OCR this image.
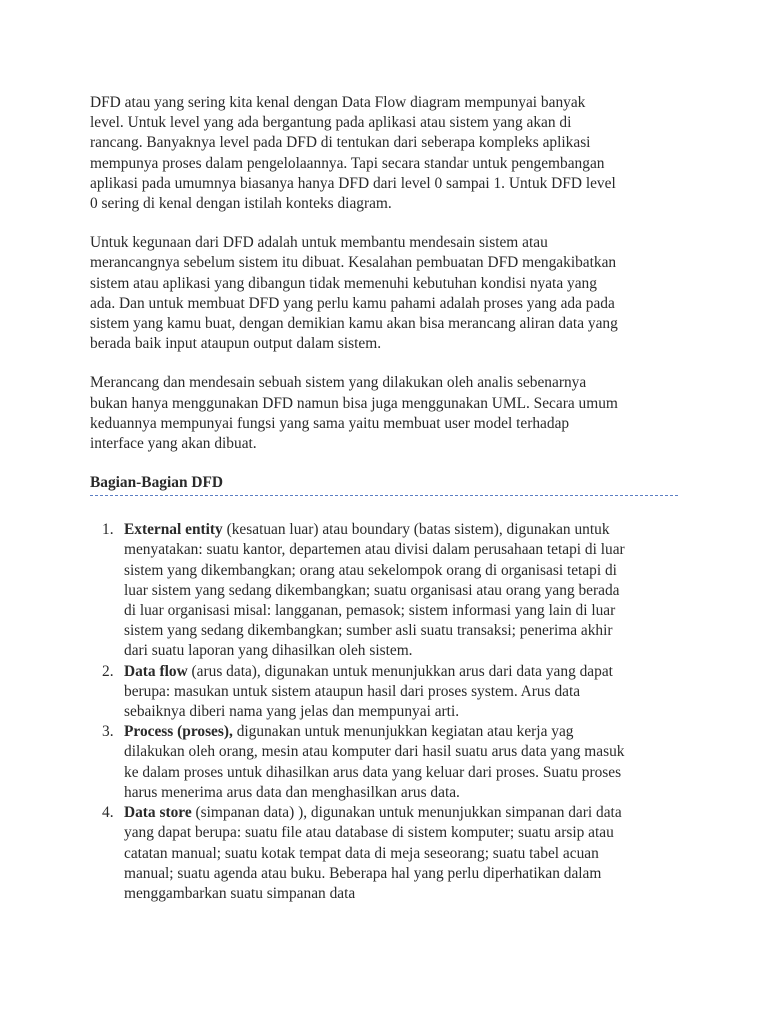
DFD atau yang sering kita kenal dengan Data Flow diagram mempunyai banyak
level. Untuk level yang ada bergantung pada aplikasi atau sistem yang akan di
rancang. Banyaknya level pada DFD di tentukan dari seberapa kompleks aplikasi
mempunya proses dalam pengelolaannya. Tapi secara standar untuk pengembangan
aplikasi pada umumnya biasanya hanya DFD dari level 0 sampai 1. Untuk DFD level
0 sering di kenal dengan istilah konteks diagram.
Untuk kegunaan dari DFD adalah untuk membantu mendesain sistem atau
merancangnya sebelum sistem itu dibuat. Kesalahan pembuatan DFD mengakibatkan
sistem atau aplikasi yang dibangun tidak memenuhi kebutuhan kondisi nyata yang
ada. Dan untuk membuat DFD yang perlu kamu pahami adalah proses yang ada pada
sistem yang kamu buat, dengan demikian kamu akan bisa merancang aliran data yang
berada baik input ataupun output dalam sistem.
Merancang dan mendesain sebuah sistem yang dilakukan oleh analis sebenarnya
bukan hanya menggunakan DFD namun bisa juga menggunakan UML. Secara umum
keduannya mempunyai fungsi yang sama yaitu membuat user model terhadap
interface yang akan dibuat.
Bagian-Bagian DFD
1. External entity (kesatuan luar) atau boundary (batas sistem), digunakan untuk
menyatakan: suatu kantor, departemen atau divisi dalam perusahaan tetapi di luar
sistem yang dikembangkan; orang atau sekelompok orang di organisasi tetapi di
luar sistem yang sedang dikembangkan; suatu organisasi atau orang yang berada
di luar organisasi misal: langganan, pemasok; sistem informasi yang lain di luar
sistem yang sedang dikembangkan; sumber asli suatu transaksi; penerima akhir
dari suatu laporan yang dihasilkan oleh sistem.
2. Data flow (arus data), digunakan untuk menunjukkan arus dari data yang dapat
berupa: masukan untuk sistem ataupun hasil dari proses system. Arus data
sebaiknya diberi nama yang jelas dan mempunyai arti.
3. Process (proses), digunakan untuk menunjukkan kegiatan atau kerja yag
dilakukan oleh orang, mesin atau komputer dari hasil suatu arus data yang masuk
ke dalam proses untuk dihasilkan arus data yang keluar dari proses. Suatu proses
harus menerima arus data dan menghasilkan arus data.
4. Data store (simpanan data) ), digunakan untuk menunjukkan simpanan dari data
yang dapat berupa: suatu file atau database di sistem komputer; suatu arsip atau
catatan manual; suatu kotak tempat data di meja seseorang; suatu tabel acuan
manual; suatu agenda atau buku. Beberapa hal yang perlu diperhatikan dalam
menggambarkan suatu simpanan data
